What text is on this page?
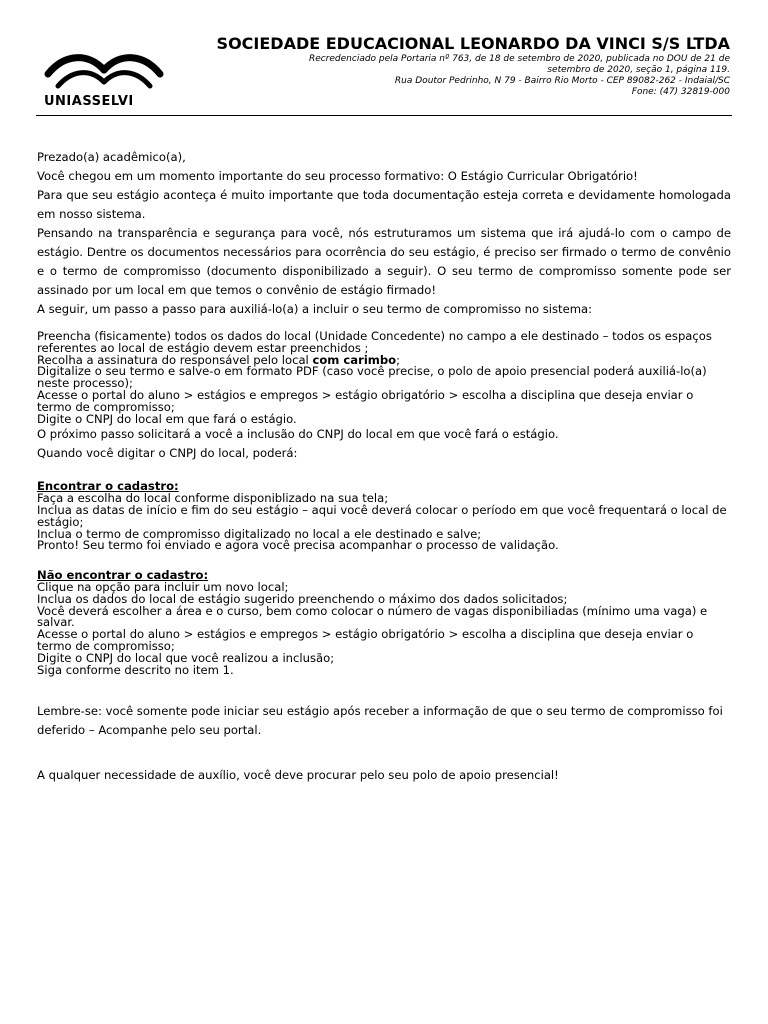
UNIASSELVI
SOCIEDADE EDUCACIONAL LEONARDO DA VINCI S/S LTDA
Recredenciado pela Portaria nº 763, de 18 de setembro de 2020, publicada no DOU de 21 de
setembro de 2020, seção 1, página 119.
Rua Doutor Pedrinho, N 79 - Bairro Rio Morto - CEP 89082-262 - Indaial/SC
Fone: (47) 32819-000

Prezado(a) acadêmico(a),

Você chegou em um momento importante do seu processo formativo: O Estágio Curricular Obrigatório!

Para que seu estágio aconteça é muito importante que toda documentação esteja correta e devidamente homologada em nosso sistema.

Pensando na transparência e segurança para você, nós estruturamos um sistema que irá ajudá-lo com o campo de estágio. Dentre os documentos necessários para ocorrência do seu estágio, é preciso ser firmado o termo de convênio e o termo de compromisso (documento disponibilizado a seguir). O seu termo de compromisso somente pode ser assinado por um local em que temos o convênio de estágio firmado!

A seguir, um passo a passo para auxiliá-lo(a) a incluir o seu termo de compromisso no sistema:

Preencha (fisicamente) todos os dados do local (Unidade Concedente) no campo a ele destinado – todos os espaços referentes ao local de estágio devem estar preenchidos ;

Recolha a assinatura do responsável pelo local com carimbo;

Digitalize o seu termo e salve-o em formato PDF (caso você precise, o polo de apoio presencial poderá auxiliá-lo(a) neste processo);

Acesse o portal do aluno > estágios e empregos > estágio obrigatório > escolha a disciplina que deseja enviar o termo de compromisso;

Digite o CNPJ do local em que fará o estágio.

O próximo passo solicitará a você a inclusão do CNPJ do local em que você fará o estágio.

Quando você digitar o CNPJ do local, poderá:

Encontrar o cadastro:

Faça a escolha do local conforme disponiblizado na sua tela;

Inclua as datas de início e fim do seu estágio – aqui você deverá colocar o período em que você frequentará o local de estágio;

Inclua o termo de compromisso digitalizado no local a ele destinado e salve;

Pronto! Seu termo foi enviado e agora você precisa acompanhar o processo de validação.

Não encontrar o cadastro:

Clique na opção para incluir um novo local;

Inclua os dados do local de estágio sugerido preenchendo o máximo dos dados solicitados;

Você deverá escolher a área e o curso, bem como colocar o número de vagas disponibiliadas (mínimo uma vaga) e salvar.

Acesse o portal do aluno > estágios e empregos > estágio obrigatório > escolha a disciplina que deseja enviar o termo de compromisso;

Digite o CNPJ do local que você realizou a inclusão;

Siga conforme descrito no item 1.

Lembre-se: você somente pode iniciar seu estágio após receber a informação de que o seu termo de compromisso foi deferido – Acompanhe pelo seu portal.

A qualquer necessidade de auxílio, você deve procurar pelo seu polo de apoio presencial!
